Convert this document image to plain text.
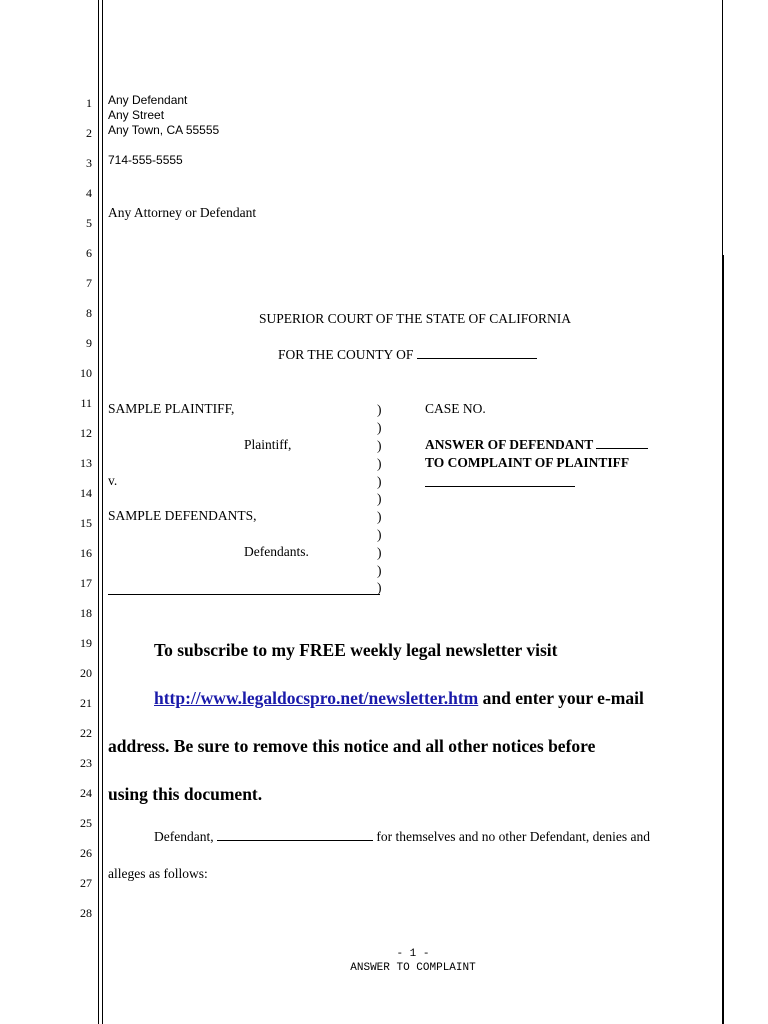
1
2
3
4
5
6
7
8
9
10
11
12
13
14
15
16
17
18
19
20
21
22
23
24
25
26
27
28
Any Defendant
Any Street
Any Town, CA 55555
714-555-5555
Any Attorney or Defendant
SUPERIOR COURT OF THE STATE OF CALIFORNIA
FOR THE COUNTY OF
SAMPLE PLAINTIFF,
Plaintiff,
v.
SAMPLE DEFENDANTS,
Defendants.
)
)
)
)
)
)
)
)
)
)
)
CASE NO.
ANSWER OF DEFENDANT
TO COMPLAINT OF PLAINTIFF
To subscribe to my FREE weekly legal newsletter visit
http://www.legaldocspro.net/newsletter.htm and enter your e-mail
address. Be sure to remove this notice and all other notices before
using this document.
Defendant,	for themselves and no other Defendant, denies and
alleges as follows:
- 1 -
ANSWER TO COMPLAINT
